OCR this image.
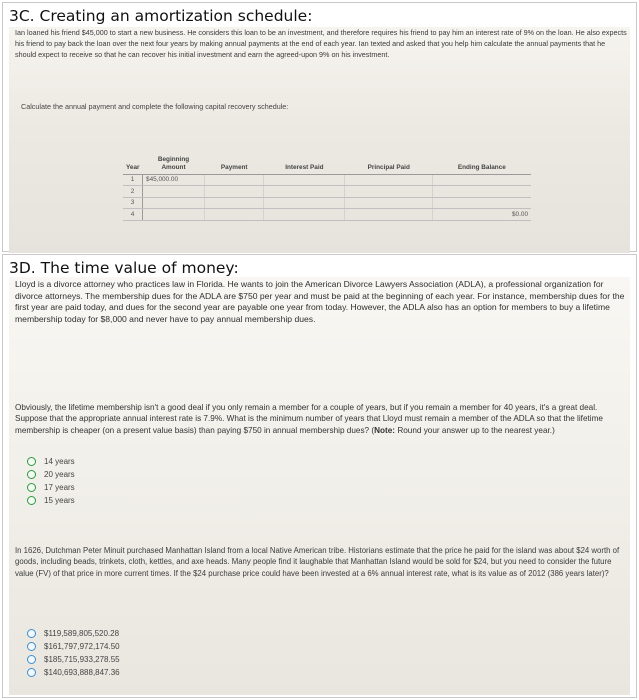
3C. Creating an amortization schedule:

Ian loaned his friend $45,000 to start a new business. He considers this loan to be an investment, and therefore requires his friend to pay him an interest rate of 9% on the loan. He also expects his friend to pay back the loan over the next four years by making annual payments at the end of each year. Ian texted and asked that you help him calculate the annual payments that he should expect to receive so that he can recover his initial investment and earn the agreed-upon 9% on his investment.

Calculate the annual payment and complete the following capital recovery schedule:

Year	Beginning Amount	Payment	Interest Paid	Principal Paid	Ending Balance
1	$45,000.00				
2					
3					
4					$0.00
3D. The time value of money:

Lloyd is a divorce attorney who practices law in Florida. He wants to join the American Divorce Lawyers Association (ADLA), a professional organization for divorce attorneys. The membership dues for the ADLA are $750 per year and must be paid at the beginning of each year. For instance, membership dues for the first year are paid today, and dues for the second year are payable one year from today. However, the ADLA also has an option for members to buy a lifetime membership today for $8,000 and never have to pay annual membership dues.

Obviously, the lifetime membership isn't a good deal if you only remain a member for a couple of years, but if you remain a member for 40 years, it's a great deal. Suppose that the appropriate annual interest rate is 7.9%. What is the minimum number of years that Lloyd must remain a member of the ADLA so that the lifetime membership is cheaper (on a present value basis) than paying $750 in annual membership dues? (Note: Round your answer up to the nearest year.)

14 years
20 years
17 years
15 years

In 1626, Dutchman Peter Minuit purchased Manhattan Island from a local Native American tribe. Historians estimate that the price he paid for the island was about $24 worth of goods, including beads, trinkets, cloth, kettles, and axe heads. Many people find it laughable that Manhattan Island would be sold for $24, but you need to consider the future value (FV) of that price in more current times. If the $24 purchase price could have been invested at a 6% annual interest rate, what is its value as of 2012 (386 years later)?

$119,589,805,520.28
$161,797,972,174.50
$185,715,933,278.55
$140,693,888,847.36
